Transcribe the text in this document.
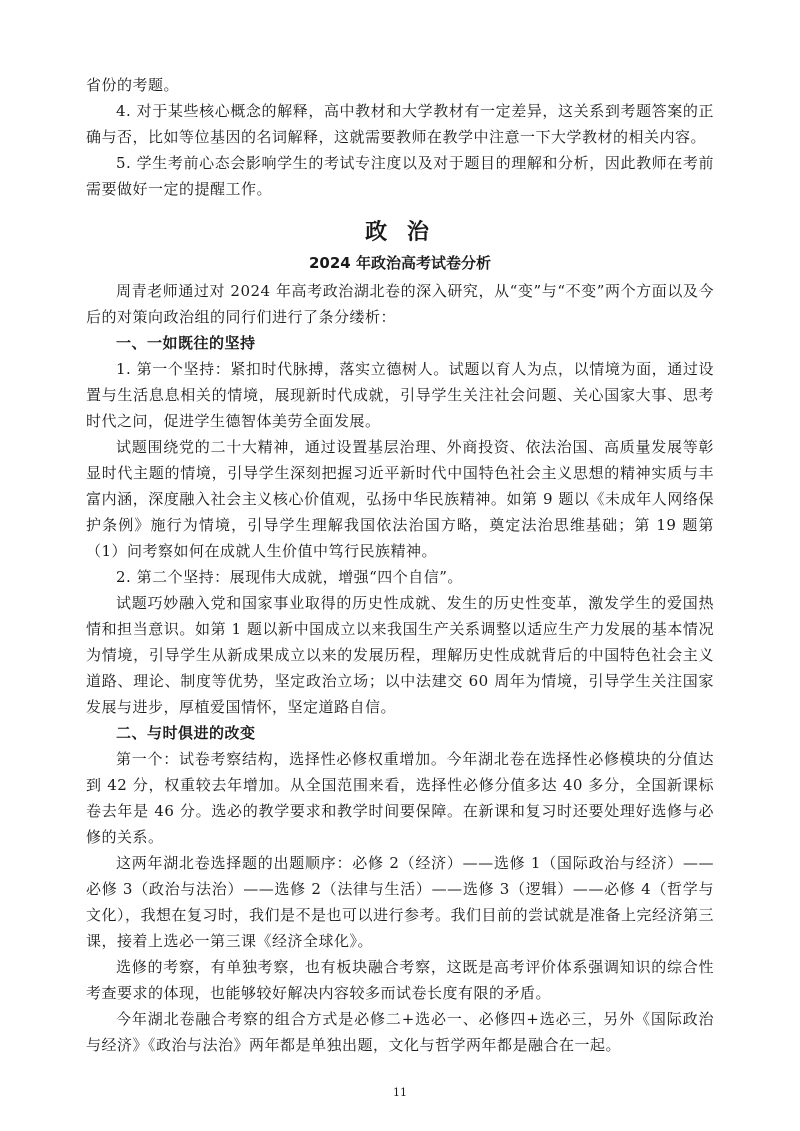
省份的考题。

4. 对于某些核心概念的解释，高中教材和大学教材有一定差异，这关系到考题答案的正确与否，比如等位基因的名词解释，这就需要教师在教学中注意一下大学教材的相关内容。

5. 学生考前心态会影响学生的考试专注度以及对于题目的理解和分析，因此教师在考前需要做好一定的提醒工作。

政 治
2024 年政治高考试卷分析

周青老师通过对 2024 年高考政治湖北卷的深入研究，从“变”与“不变”两个方面以及今后的对策向政治组的同行们进行了条分缕析：

一、一如既往的坚持

1. 第一个坚持：紧扣时代脉搏，落实立德树人。试题以育人为点，以情境为面，通过设置与生活息息相关的情境，展现新时代成就，引导学生关注社会问题、关心国家大事、思考时代之问，促进学生德智体美劳全面发展。

试题围绕党的二十大精神，通过设置基层治理、外商投资、依法治国、高质量发展等彰显时代主题的情境，引导学生深刻把握习近平新时代中国特色社会主义思想的精神实质与丰富内涵，深度融入社会主义核心价值观，弘扬中华民族精神。如第 9 题以《未成年人网络保护条例》施行为情境，引导学生理解我国依法治国方略，奠定法治思维基础；第 19 题第（1）问考察如何在成就人生价值中笃行民族精神。

2. 第二个坚持：展现伟大成就，增强“四个自信”。

试题巧妙融入党和国家事业取得的历史性成就、发生的历史性变革，激发学生的爱国热情和担当意识。如第 1 题以新中国成立以来我国生产关系调整以适应生产力发展的基本情况为情境，引导学生从新成果成立以来的发展历程，理解历史性成就背后的中国特色社会主义道路、理论、制度等优势，坚定政治立场；以中法建交 60 周年为情境，引导学生关注国家发展与进步，厚植爱国情怀，坚定道路自信。

二、与时俱进的改变

第一个：试卷考察结构，选择性必修权重增加。今年湖北卷在选择性必修模块的分值达到 42 分，权重较去年增加。从全国范围来看，选择性必修分值多达 40 多分，全国新课标卷去年是 46 分。选必的教学要求和教学时间要保障。在新课和复习时还要处理好选修与必修的关系。

这两年湖北卷选择题的出题顺序：必修 2（经济）——选修 1（国际政治与经济）——必修 3（政治与法治）——选修 2（法律与生活）——选修 3（逻辑）——必修 4（哲学与文化），我想在复习时，我们是不是也可以进行参考。我们目前的尝试就是准备上完经济第三课，接着上选必一第三课《经济全球化》。

选修的考察，有单独考察，也有板块融合考察，这既是高考评价体系强调知识的综合性考查要求的体现，也能够较好解决内容较多而试卷长度有限的矛盾。

今年湖北卷融合考察的组合方式是必修二+选必一、必修四+选必三，另外《国际政治与经济》《政治与法治》两年都是单独出题，文化与哲学两年都是融合在一起。

11
